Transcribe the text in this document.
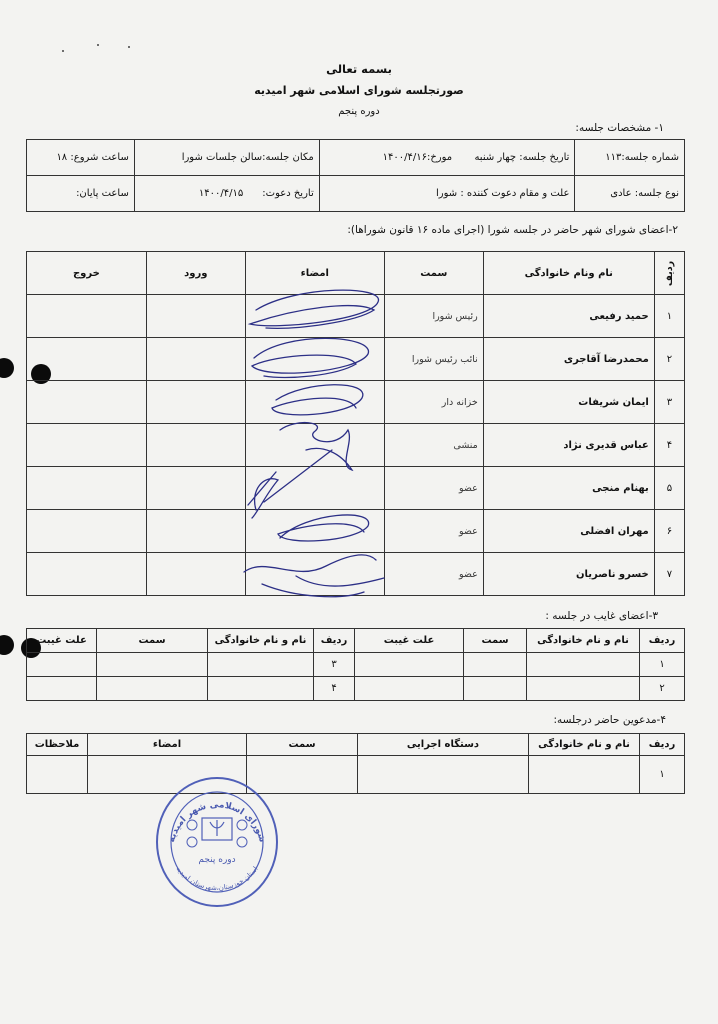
بسمه تعالی
صورتجلسه شورای اسلامی شهر امیدیه
دوره پنجم
۱- مشخصات جلسه:
شماره جلسه:۱۱۳	تاریخ جلسه: چهار شنبه       مورخ:۱۴۰۰/۴/۱۶	مکان جلسه:سالن جلسات شورا	ساعت شروع: ۱۸
نوع جلسه: عادی	علت و مقام دعوت کننده : شورا	تاریخ دعوت:      ۱۴۰۰/۴/۱۵	ساعت پایان:
۲-اعضای شورای شهر حاضر در جلسه شورا (اجرای ماده ۱۶ قانون شوراها):
ردیف	نام ونام خانوادگی	سمت	امضاء	ورود	خروج
۱	حمید رفیعی	رئیس شورا			
۲	محمدرضا آقاجری	نائب رئیس شورا			
۳	ایمان شریفات	خزانه دار			
۴	عباس قدیری نژاد	منشی			
۵	بهنام منجی	عضو			
۶	مهران افضلی	عضو			
۷	خسرو ناصریان	عضو			
۳-اعضای غایب در جلسه :
ردیف	نام و نام خانوادگی	سمت	علت غیبت	ردیف	نام و نام خانوادگی	سمت	علت غیبت
۱				۳			
۲				۴			
۴-مدعوین حاضر درجلسه:
ردیف	نام و نام خانوادگی	دستگاه اجرایی	سمت	امضاء	ملاحظات
۱					
شورای اسلامی شهر امیدیه
استان خوزستان،شهرستان امیدیه
دوره پنجم
